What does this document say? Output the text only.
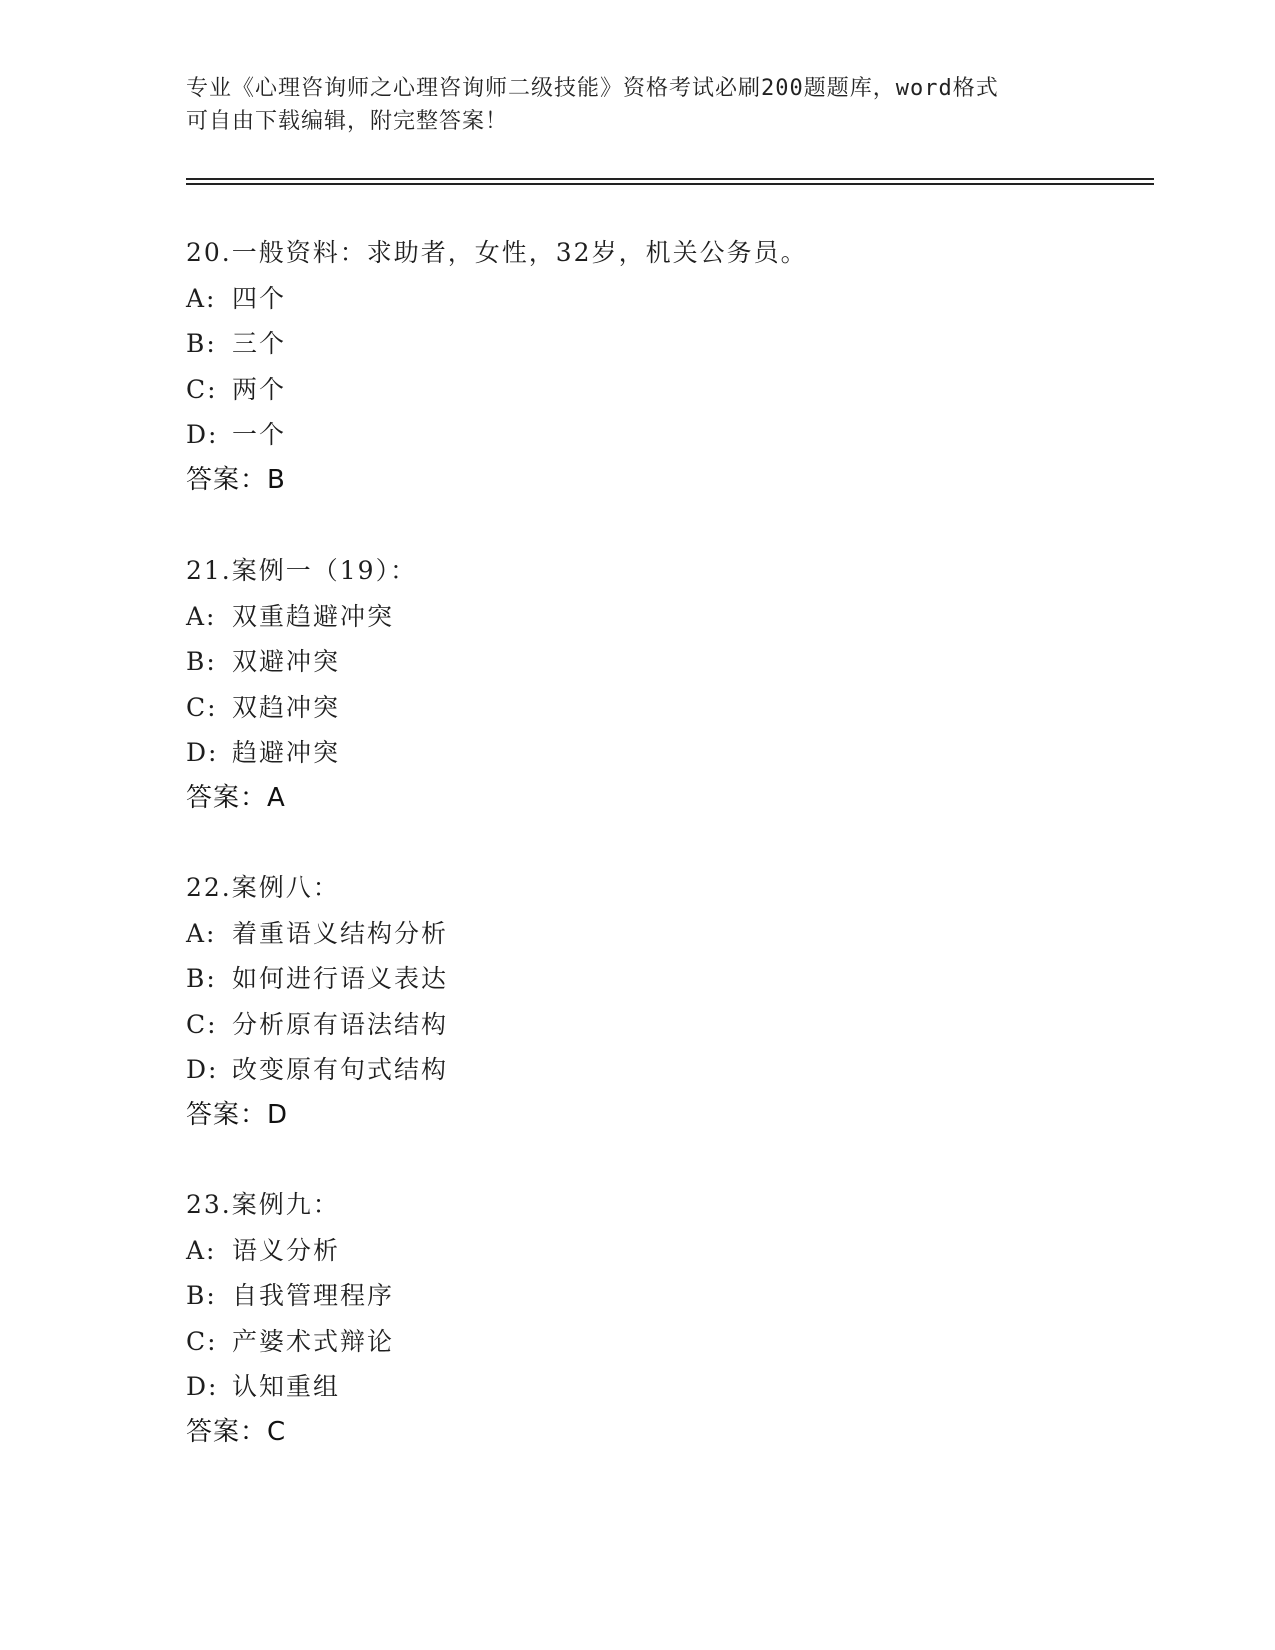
专业《心理咨询师之心理咨询师二级技能》资格考试必刷200题题库，word格式
可自由下载编辑，附完整答案！
20.一般资料：求助者，女性，32岁，机关公务员。
A: 四个
B: 三个
C: 两个
D: 一个
答案：B
21.案例一（19）：
A: 双重趋避冲突
B: 双避冲突
C: 双趋冲突
D: 趋避冲突
答案：A
22.案例八：
A: 着重语义结构分析
B: 如何进行语义表达
C: 分析原有语法结构
D: 改变原有句式结构
答案：D
23.案例九：
A: 语义分析
B: 自我管理程序
C: 产婆术式辩论
D: 认知重组
答案：C
